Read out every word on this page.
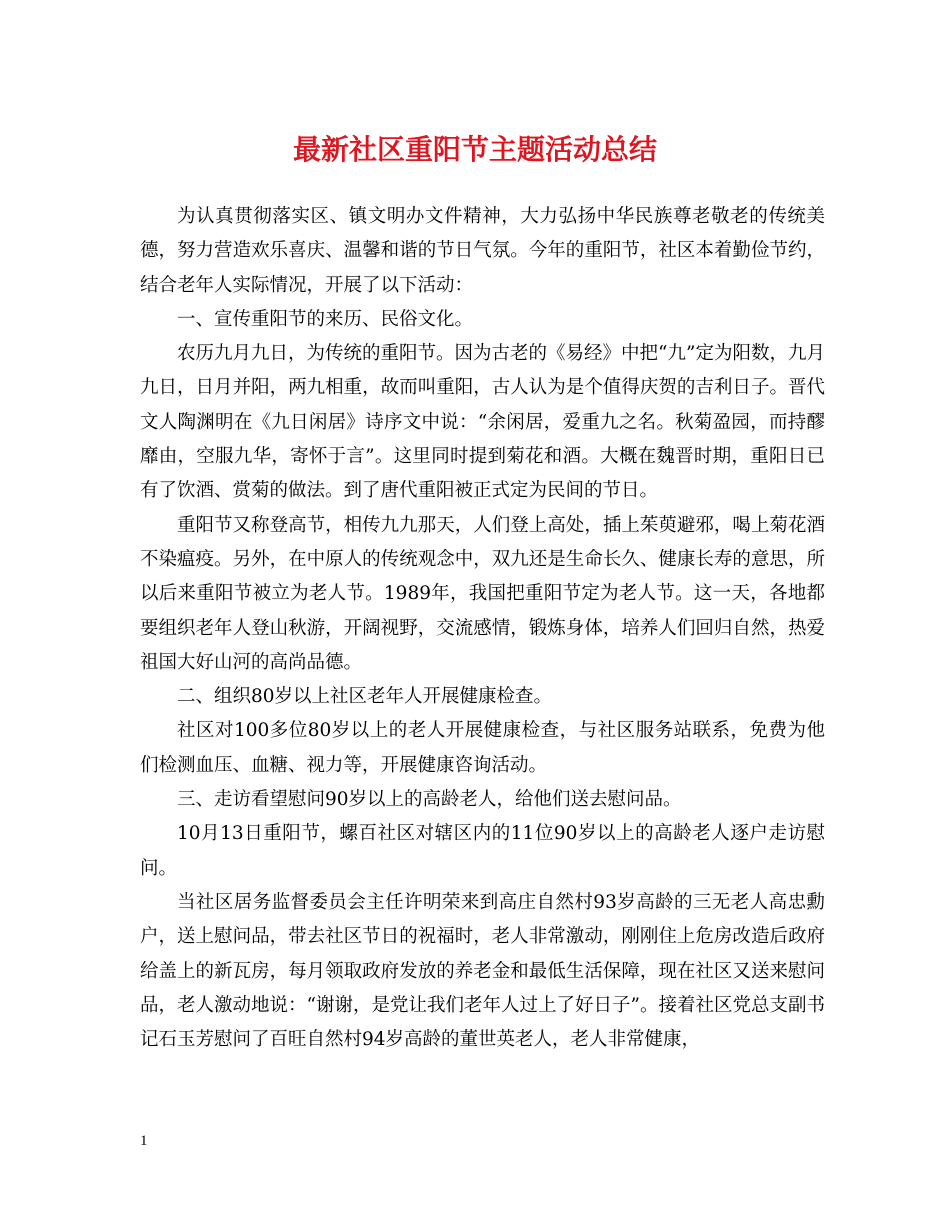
最新社区重阳节主题活动总结

为认真贯彻落实区、镇文明办文件精神，大力弘扬中华民族尊老敬老的传统美德，努力营造欢乐喜庆、温馨和谐的节日气氛。今年的重阳节，社区本着勤俭节约，结合老年人实际情况，开展了以下活动：

一、宣传重阳节的来历、民俗文化。

农历九月九日，为传统的重阳节。因为古老的《易经》中把“九”定为阳数，九月九日，日月并阳，两九相重，故而叫重阳，古人认为是个值得庆贺的吉利日子。晋代文人陶渊明在《九日闲居》诗序文中说：“余闲居，爱重九之名。秋菊盈园，而持醪靡由，空服九华，寄怀于言”。这里同时提到菊花和酒。大概在魏晋时期，重阳日已有了饮酒、赏菊的做法。到了唐代重阳被正式定为民间的节日。

重阳节又称登高节，相传九九那天，人们登上高处，插上茱萸避邪，喝上菊花酒不染瘟疫。另外，在中原人的传统观念中，双九还是生命长久、健康长寿的意思，所以后来重阳节被立为老人节。1989年，我国把重阳节定为老人节。这一天，各地都要组织老年人登山秋游，开阔视野，交流感情，锻炼身体，培养人们回归自然，热爱祖国大好山河的高尚品德。

二、组织80岁以上社区老年人开展健康检查。

社区对100多位80岁以上的老人开展健康检查，与社区服务站联系，免费为他们检测血压、血糖、视力等，开展健康咨询活动。

三、走访看望慰问90岁以上的高龄老人，给他们送去慰问品。

10月13日重阳节，螺百社区对辖区内的11位90岁以上的高龄老人逐户走访慰问。

当社区居务监督委员会主任许明荣来到高庄自然村93岁高龄的三无老人高忠勳户，送上慰问品，带去社区节日的祝福时，老人非常激动，刚刚住上危房改造后政府给盖上的新瓦房，每月领取政府发放的养老金和最低生活保障，现在社区又送来慰问品，老人激动地说：“谢谢，是党让我们老年人过上了好日子”。接着社区党总支副书记石玉芳慰问了百旺自然村94岁高龄的董世英老人，老人非常健康，

1
